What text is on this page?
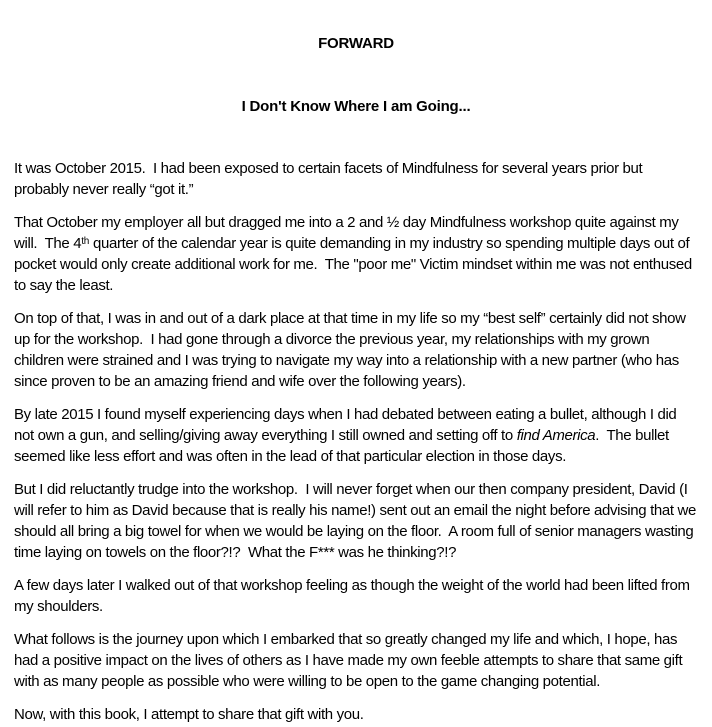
FORWARD
I Don't Know Where I am Going...

It was October 2015.  I had been exposed to certain facets of Mindfulness for several years prior but probably never really “got it.”

That October my employer all but dragged me into a 2 and ½ day Mindfulness workshop quite against my will.  The 4th quarter of the calendar year is quite demanding in my industry so spending multiple days out of pocket would only create additional work for me.  The "poor me" Victim mindset within me was not enthused to say the least.

On top of that, I was in and out of a dark place at that time in my life so my “best self” certainly did not show up for the workshop.  I had gone through a divorce the previous year, my relationships with my grown children were strained and I was trying to navigate my way into a relationship with a new partner (who has since proven to be an amazing friend and wife over the following years).

By late 2015 I found myself experiencing days when I had debated between eating a bullet, although I did not own a gun, and selling/giving away everything I still owned and setting off to find America.  The bullet seemed like less effort and was often in the lead of that particular election in those days.

But I did reluctantly trudge into the workshop.  I will never forget when our then company president, David (I will refer to him as David because that is really his name!) sent out an email the night before advising that we should all bring a big towel for when we would be laying on the floor.  A room full of senior managers wasting time laying on towels on the floor?!?  What the F*** was he thinking?!?

A few days later I walked out of that workshop feeling as though the weight of the world had been lifted from my shoulders.

What follows is the journey upon which I embarked that so greatly changed my life and which, I hope, has had a positive impact on the lives of others as I have made my own feeble attempts to share that same gift with as many people as possible who were willing to be open to the game changing potential.

Now, with this book, I attempt to share that gift with you.
